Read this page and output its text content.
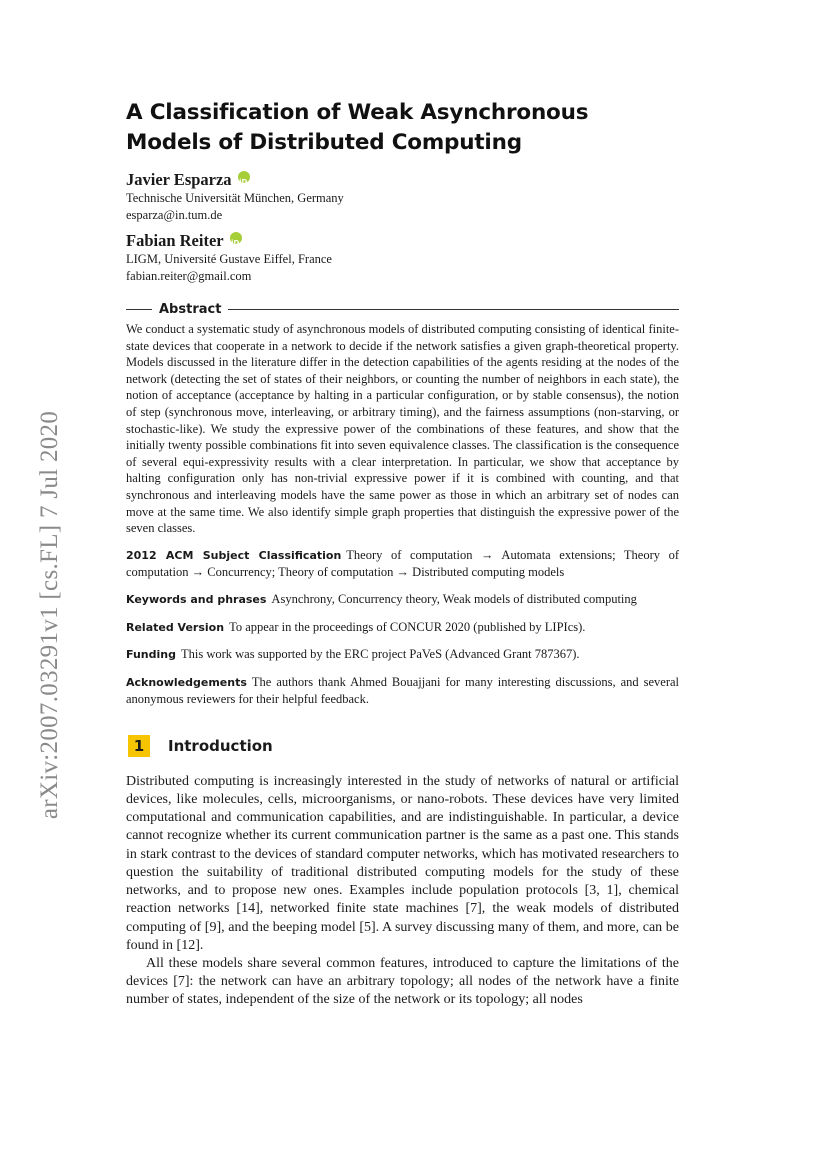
arXiv:2007.03291v1 [cs.FL] 7 Jul 2020
A Classification of Weak Asynchronous Models of Distributed Computing
Javier EsparzaiD
Technische Universität München, Germany
esparza@in.tum.de
Fabian ReiteriD
LIGM, Université Gustave Eiffel, France
fabian.reiter@gmail.com
Abstract

We conduct a systematic study of asynchronous models of distributed computing consisting of identical finite-state devices that cooperate in a network to decide if the network satisfies a given graph-theoretical property. Models discussed in the literature differ in the detection capabilities of the agents residing at the nodes of the network (detecting the set of states of their neighbors, or counting the number of neighbors in each state), the notion of acceptance (acceptance by halting in a particular configuration, or by stable consensus), the notion of step (synchronous move, interleaving, or arbitrary timing), and the fairness assumptions (non-starving, or stochastic-like). We study the expressive power of the combinations of these features, and show that the initially twenty possible combinations fit into seven equivalence classes. The classification is the consequence of several equi-expressivity results with a clear interpretation. In particular, we show that acceptance by halting configuration only has non-trivial expressive power if it is combined with counting, and that synchronous and interleaving models have the same power as those in which an arbitrary set of nodes can move at the same time. We also identify simple graph properties that distinguish the expressive power of the seven classes.

2012 ACM Subject Classification Theory of computation → Automata extensions; Theory of computation → Concurrency; Theory of computation → Distributed computing models

Keywords and phrases Asynchrony, Concurrency theory, Weak models of distributed computing

Related Version To appear in the proceedings of CONCUR 2020 (published by LIPIcs).

Funding This work was supported by the ERC project PaVeS (Advanced Grant 787367).

Acknowledgements The authors thank Ahmed Bouajjani for many interesting discussions, and several anonymous reviewers for their helpful feedback.

1	Introduction

Distributed computing is increasingly interested in the study of networks of natural or artificial devices, like molecules, cells, microorganisms, or nano-robots. These devices have very limited computational and communication capabilities, and are indistinguishable. In particular, a device cannot recognize whether its current communication partner is the same as a past one. This stands in stark contrast to the devices of standard computer networks, which has motivated researchers to question the suitability of traditional distributed computing models for the study of these networks, and to propose new ones. Examples include population protocols [3, 1], chemical reaction networks [14], networked finite state machines [7], the weak models of distributed computing of [9], and the beeping model [5]. A survey discussing many of them, and more, can be found in [12].

All these models share several common features, introduced to capture the limitations of the devices [7]: the network can have an arbitrary topology; all nodes of the network have a finite number of states, independent of the size of the network or its topology; all nodes
